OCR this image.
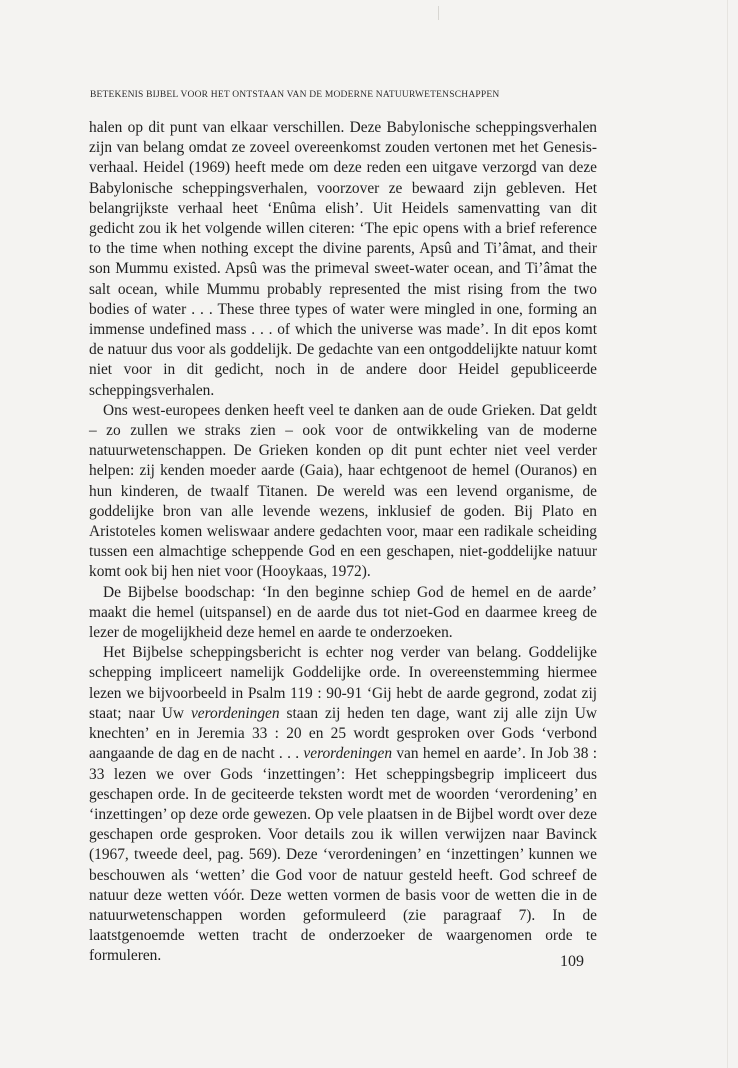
BETEKENIS BIJBEL VOOR HET ONTSTAAN VAN DE MODERNE NATUURWETENSCHAPPEN

halen op dit punt van elkaar verschillen. Deze Babylonische scheppingsverhalen zijn van belang omdat ze zoveel overeenkomst zouden vertonen met het Genesis-verhaal. Heidel (1969) heeft mede om deze reden een uitgave verzorgd van deze Babylonische scheppingsverhalen, voorzover ze bewaard zijn gebleven. Het belangrijkste verhaal heet ‘Enûma elish’. Uit Heidels samenvatting van dit gedicht zou ik het volgende willen citeren: ‘The epic opens with a brief reference to the time when nothing except the divine parents, Apsû and Ti’âmat, and their son Mummu existed. Apsû was the primeval sweet-water ocean, and Ti’âmat the salt ocean, while Mummu probably represented the mist rising from the two bodies of water . . . These three types of water were mingled in one, forming an immense undefined mass . . . of which the universe was made’. In dit epos komt de natuur dus voor als goddelijk. De gedachte van een ontgoddelijkte natuur komt niet voor in dit gedicht, noch in de andere door Heidel gepubliceerde scheppingsverhalen.

Ons west-europees denken heeft veel te danken aan de oude Grieken. Dat geldt – zo zullen we straks zien – ook voor de ontwikkeling van de moderne natuurwetenschappen. De Grieken konden op dit punt echter niet veel verder helpen: zij kenden moeder aarde (Gaia), haar echtgenoot de hemel (Ouranos) en hun kinderen, de twaalf Titanen. De wereld was een levend organisme, de goddelijke bron van alle levende wezens, inklusief de goden. Bij Plato en Aristoteles komen weliswaar andere gedachten voor, maar een radikale scheiding tussen een almachtige scheppende God en een geschapen, niet-goddelijke natuur komt ook bij hen niet voor (Hooykaas, 1972).

De Bijbelse boodschap: ‘In den beginne schiep God de hemel en de aarde’ maakt die hemel (uitspansel) en de aarde dus tot niet-God en daarmee kreeg de lezer de mogelijkheid deze hemel en aarde te onderzoeken.

Het Bijbelse scheppingsbericht is echter nog verder van belang. Goddelijke schepping impliceert namelijk Goddelijke orde. In overeenstemming hiermee lezen we bijvoorbeeld in Psalm 119 : 90-91 ‘Gij hebt de aarde gegrond, zodat zij staat; naar Uw verordeningen staan zij heden ten dage, want zij alle zijn Uw knechten’ en in Jeremia 33 : 20 en 25 wordt gesproken over Gods ‘verbond aangaande de dag en de nacht . . . verordeningen van hemel en aarde’. In Job 38 : 33 lezen we over Gods ‘inzettingen’: Het scheppingsbegrip impliceert dus geschapen orde. In de geciteerde teksten wordt met de woorden ‘verordening’ en ‘inzettingen’ op deze orde gewezen. Op vele plaatsen in de Bijbel wordt over deze geschapen orde gesproken. Voor details zou ik willen verwijzen naar Bavinck (1967, tweede deel, pag. 569). Deze ‘verordeningen’ en ‘inzettingen’ kunnen we beschouwen als ‘wetten’ die God voor de natuur gesteld heeft. God schreef de natuur deze wetten vóór. Deze wetten vormen de basis voor de wetten die in de natuurwetenschappen worden geformuleerd (zie paragraaf 7). In de laatstgenoemde wetten tracht de onderzoeker de waargenomen orde te formuleren.	109
